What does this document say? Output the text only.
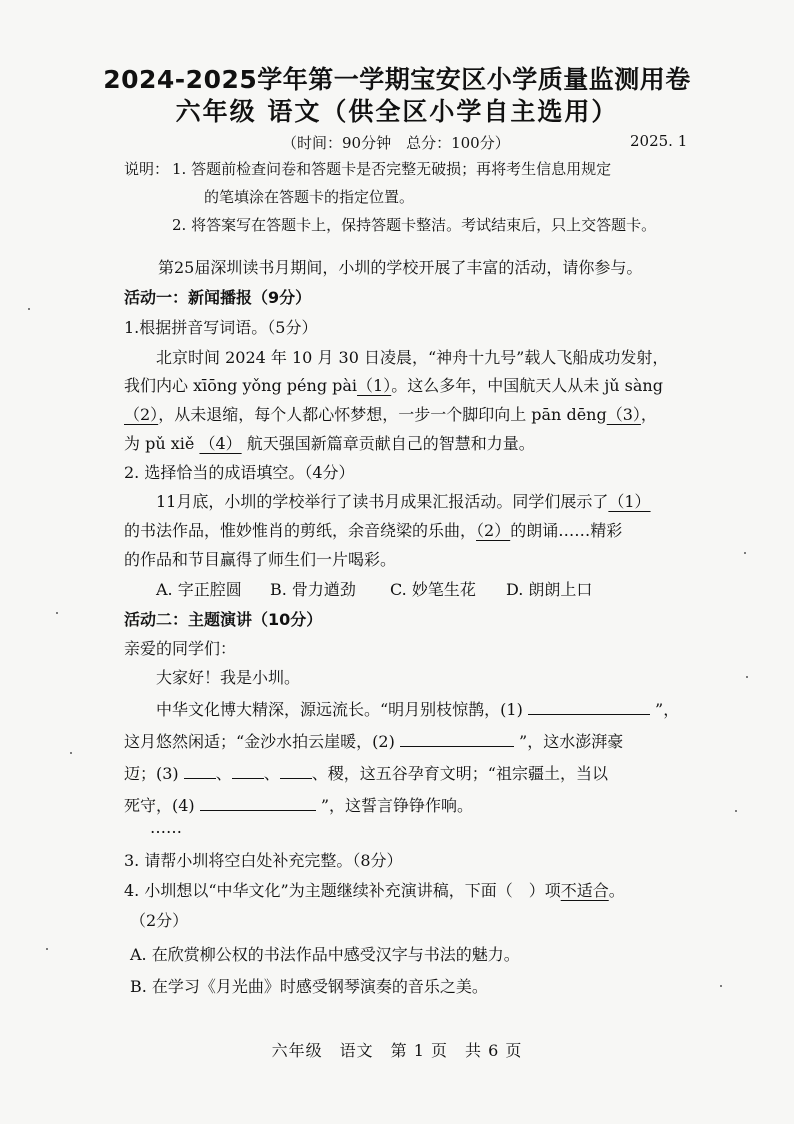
2024-2025学年第一学期宝安区小学质量监测用卷
六年级 语文（供全区小学自主选用）
（时间：90分钟　总分：100分）	2025. 1
说明： 1. 答题前检查问卷和答题卡是否完整无破损；再将考生信息用规定
的笔填涂在答题卡的指定位置。
2. 将答案写在答题卡上，保持答题卡整洁。考试结束后，只上交答题卡。
第25届深圳读书月期间，小圳的学校开展了丰富的活动，请你参与。
活动一：新闻播报（9分）
1.根据拼音写词语。（5分）
北京时间 2024 年 10 月 30 日凌晨，“神舟十九号”载人飞船成功发射，
我们内心 xīōng yǒng péng pài（1）。这么多年，中国航天人从未 jǔ sàng
（2），从未退缩，每个人都心怀梦想，一步一个脚印向上 pān dēng（3），
为 pǔ xiě （4） 航天强国新篇章贡献自己的智慧和力量。
2. 选择恰当的成语填空。（4分）
11月底，小圳的学校举行了读书月成果汇报活动。同学们展示了（1）
的书法作品，惟妙惟肖的剪纸，余音绕梁的乐曲，（2）的朗诵……精彩
的作品和节目赢得了师生们一片喝彩。
A. 字正腔圆 B. 骨力遒劲 C. 妙笔生花 D. 朗朗上口
活动二：主题演讲（10分）
亲爱的同学们：
大家好！我是小圳。
中华文化博大精深，源远流长。“明月别枝惊鹊，(1)	”，
这月悠然闲适；“金沙水拍云崖暖，(2)	”，这水澎湃豪
迈；(3) 、 、 、稷，这五谷孕育文明；“祖宗疆土，当以
死守，(4)	”，这誓言铮铮作响。
……
3. 请帮小圳将空白处补充完整。（8分）
4. 小圳想以“中华文化”为主题继续补充演讲稿，下面（　）项不适合。
（2分）
A. 在欣赏柳公权的书法作品中感受汉字与书法的魅力。
B. 在学习《月光曲》时感受钢琴演奏的音乐之美。
六年级　语文　第 1 页　共 6 页
